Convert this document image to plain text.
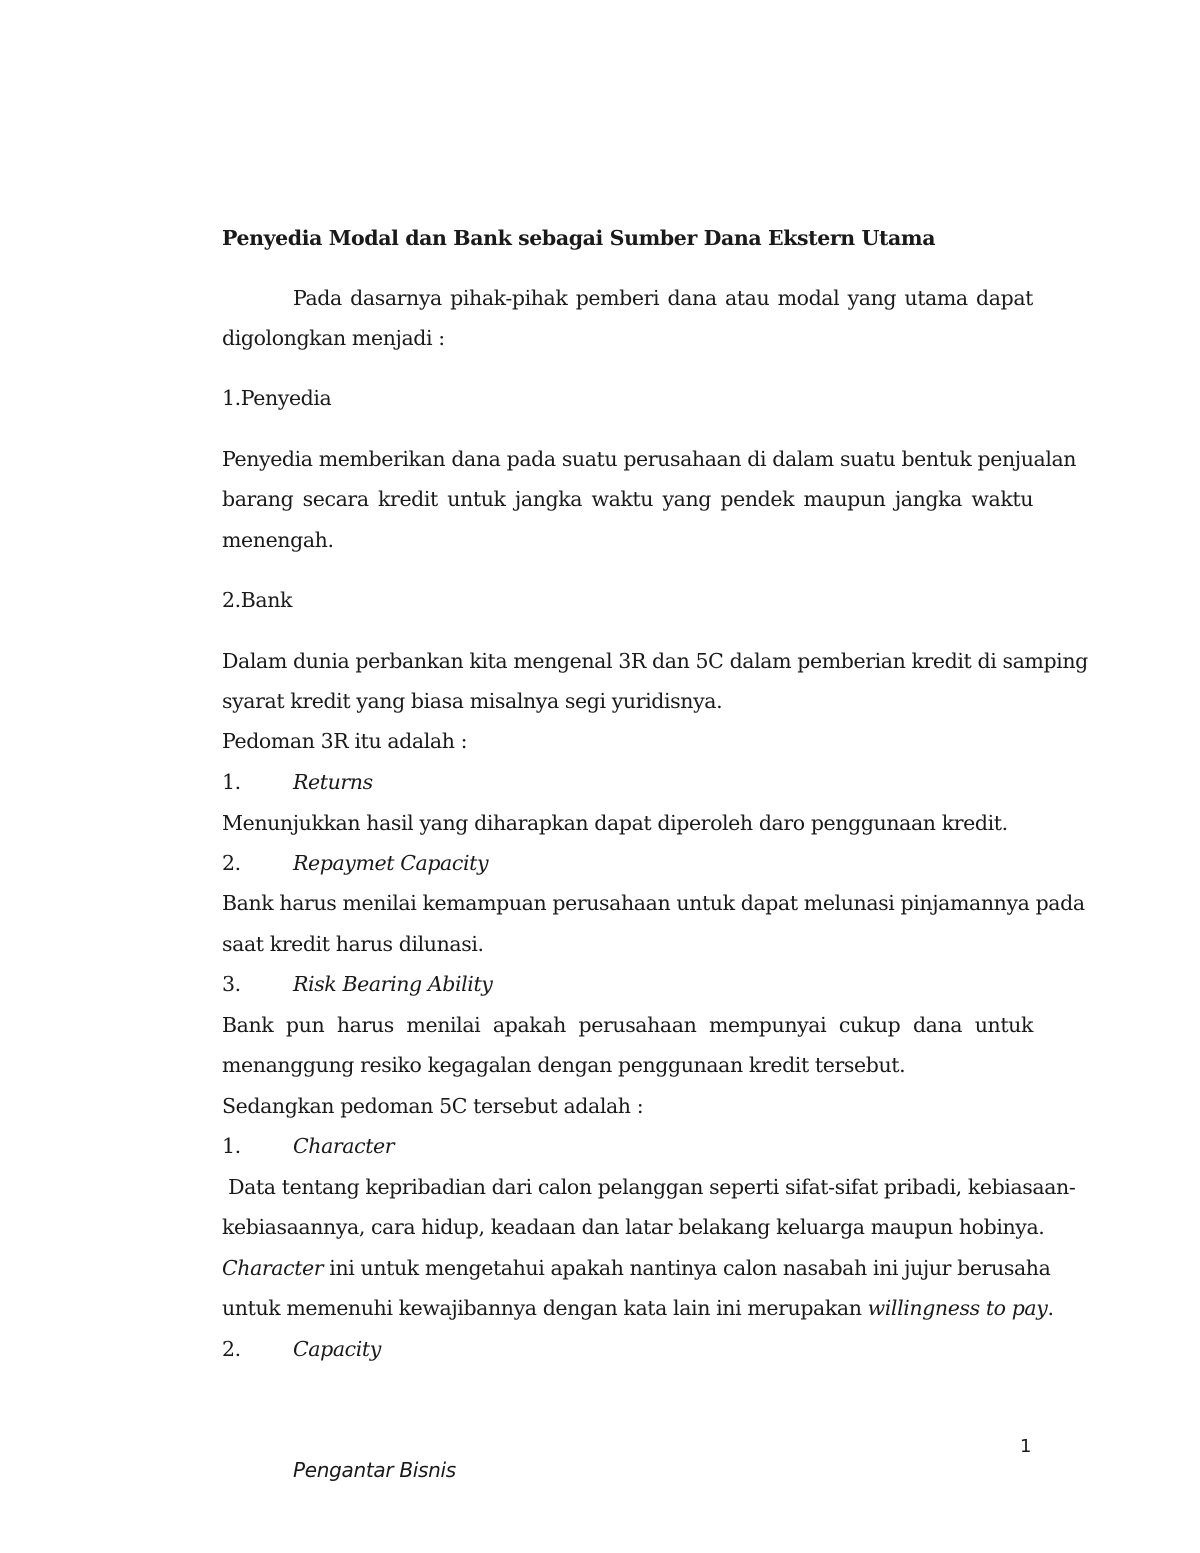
Penyedia Modal dan Bank sebagai Sumber Dana Ekstern Utama
Pada dasarnya pihak-pihak pemberi dana atau modal yang utama dapat
digolongkan menjadi :
1.Penyedia
Penyedia memberikan dana pada suatu perusahaan di dalam suatu bentuk penjualan
barang secara kredit untuk jangka waktu yang pendek maupun jangka waktu
menengah.
2.Bank
Dalam dunia perbankan kita mengenal 3R dan 5C dalam pemberian kredit di samping
syarat kredit yang biasa misalnya segi yuridisnya.
Pedoman 3R itu adalah :
1.	Returns
Menunjukkan hasil yang diharapkan dapat diperoleh daro penggunaan kredit.
2.	Repaymet Capacity
Bank harus menilai kemampuan perusahaan untuk dapat melunasi pinjamannya pada
saat kredit harus dilunasi.
3.	Risk Bearing Ability
Bank pun harus menilai apakah perusahaan mempunyai cukup dana untuk
menanggung resiko kegagalan dengan penggunaan kredit tersebut.
Sedangkan pedoman 5C tersebut adalah :
1.	Character
Data tentang kepribadian dari calon pelanggan seperti sifat-sifat pribadi, kebiasaan-
kebiasaannya, cara hidup, keadaan dan latar belakang keluarga maupun hobinya.
Character ini untuk mengetahui apakah nantinya calon nasabah ini jujur berusaha
untuk memenuhi kewajibannya dengan kata lain ini merupakan willingness to pay.
2.	Capacity
1
Pengantar Bisnis
